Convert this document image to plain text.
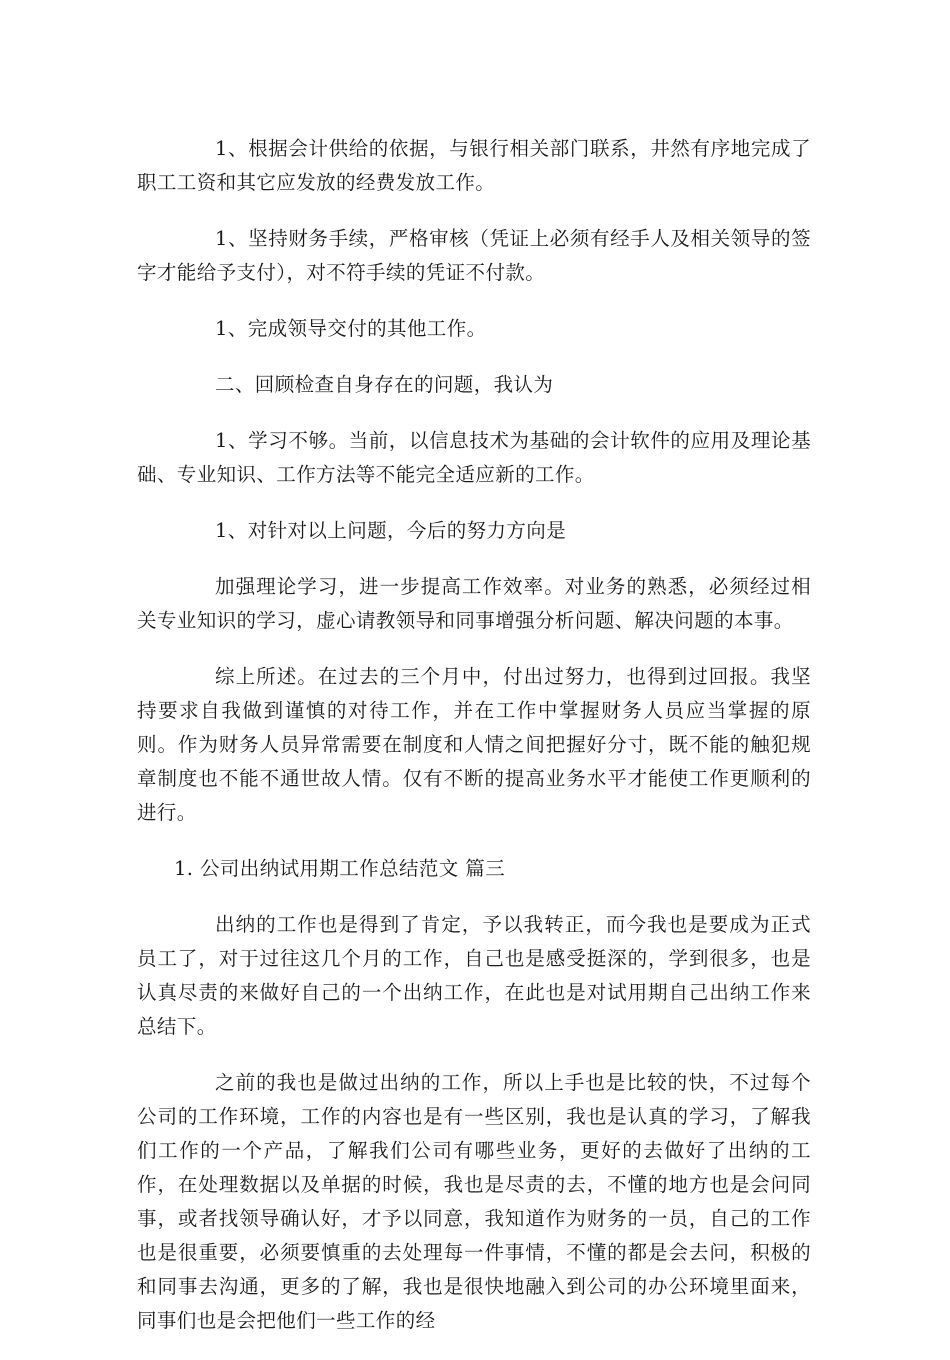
1、根据会计供给的依据，与银行相关部门联系，井然有序地完成了职工工资和其它应发放的经费发放工作。

1、坚持财务手续，严格审核（凭证上必须有经手人及相关领导的签字才能给予支付），对不符手续的凭证不付款。

1、完成领导交付的其他工作。

二、回顾检查自身存在的问题，我认为

1、学习不够。当前，以信息技术为基础的会计软件的应用及理论基础、专业知识、工作方法等不能完全适应新的工作。

1、对针对以上问题，今后的努力方向是

加强理论学习，进一步提高工作效率。对业务的熟悉，必须经过相关专业知识的学习，虚心请教领导和同事增强分析问题、解决问题的本事。

综上所述。在过去的三个月中，付出过努力，也得到过回报。我坚持要求自我做到谨慎的对待工作，并在工作中掌握财务人员应当掌握的原则。作为财务人员异常需要在制度和人情之间把握好分寸，既不能的触犯规章制度也不能不通世故人情。仅有不断的提高业务水平才能使工作更顺利的进行。

1. 公司出纳试用期工作总结范文 篇三

出纳的工作也是得到了肯定，予以我转正，而今我也是要成为正式员工了，对于过往这几个月的工作，自己也是感受挺深的，学到很多，也是认真尽责的来做好自己的一个出纳工作，在此也是对试用期自己出纳工作来总结下。

之前的我也是做过出纳的工作，所以上手也是比较的快，不过每个公司的工作环境，工作的内容也是有一些区别，我也是认真的学习，了解我们工作的一个产品，了解我们公司有哪些业务，更好的去做好了出纳的工作，在处理数据以及单据的时候，我也是尽责的去，不懂的地方也是会问同事，或者找领导确认好，才予以同意，我知道作为财务的一员，自己的工作也是很重要，必须要慎重的去处理每一件事情，不懂的都是会去问，积极的和同事去沟通，更多的了解，我也是很快地融入到公司的办公环境里面来，同事们也是会把他们一些工作的经
